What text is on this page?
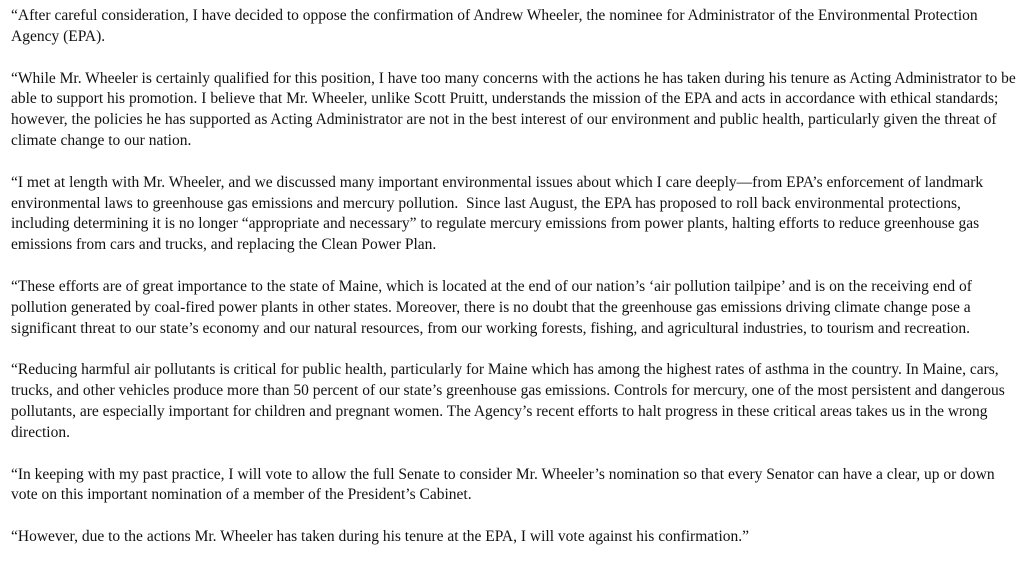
“After careful consideration, I have decided to oppose the confirmation of Andrew Wheeler, the nominee for Administrator of the Environmental Protection Agency (EPA).

“While Mr. Wheeler is certainly qualified for this position, I have too many concerns with the actions he has taken during his tenure as Acting Administrator to be able to support his promotion. I believe that Mr. Wheeler, unlike Scott Pruitt, understands the mission of the EPA and acts in accordance with ethical standards; however, the policies he has supported as Acting Administrator are not in the best interest of our environment and public health, particularly given the threat of climate change to our nation.

“I met at length with Mr. Wheeler, and we discussed many important environmental issues about which I care deeply—from EPA’s enforcement of landmark environmental laws to greenhouse gas emissions and mercury pollution.  Since last August, the EPA has proposed to roll back environmental protections, including determining it is no longer “appropriate and necessary” to regulate mercury emissions from power plants, halting efforts to reduce greenhouse gas emissions from cars and trucks, and replacing the Clean Power Plan.

“These efforts are of great importance to the state of Maine, which is located at the end of our nation’s ‘air pollution tailpipe’ and is on the receiving end of pollution generated by coal-fired power plants in other states. Moreover, there is no doubt that the greenhouse gas emissions driving climate change pose a significant threat to our state’s economy and our natural resources, from our working forests, fishing, and agricultural industries, to tourism and recreation.

“Reducing harmful air pollutants is critical for public health, particularly for Maine which has among the highest rates of asthma in the country. In Maine, cars, trucks, and other vehicles produce more than 50 percent of our state’s greenhouse gas emissions. Controls for mercury, one of the most persistent and dangerous pollutants, are especially important for children and pregnant women. The Agency’s recent efforts to halt progress in these critical areas takes us in the wrong direction.

“In keeping with my past practice, I will vote to allow the full Senate to consider Mr. Wheeler’s nomination so that every Senator can have a clear, up or down vote on this important nomination of a member of the President’s Cabinet.

“However, due to the actions Mr. Wheeler has taken during his tenure at the EPA, I will vote against his confirmation.”
